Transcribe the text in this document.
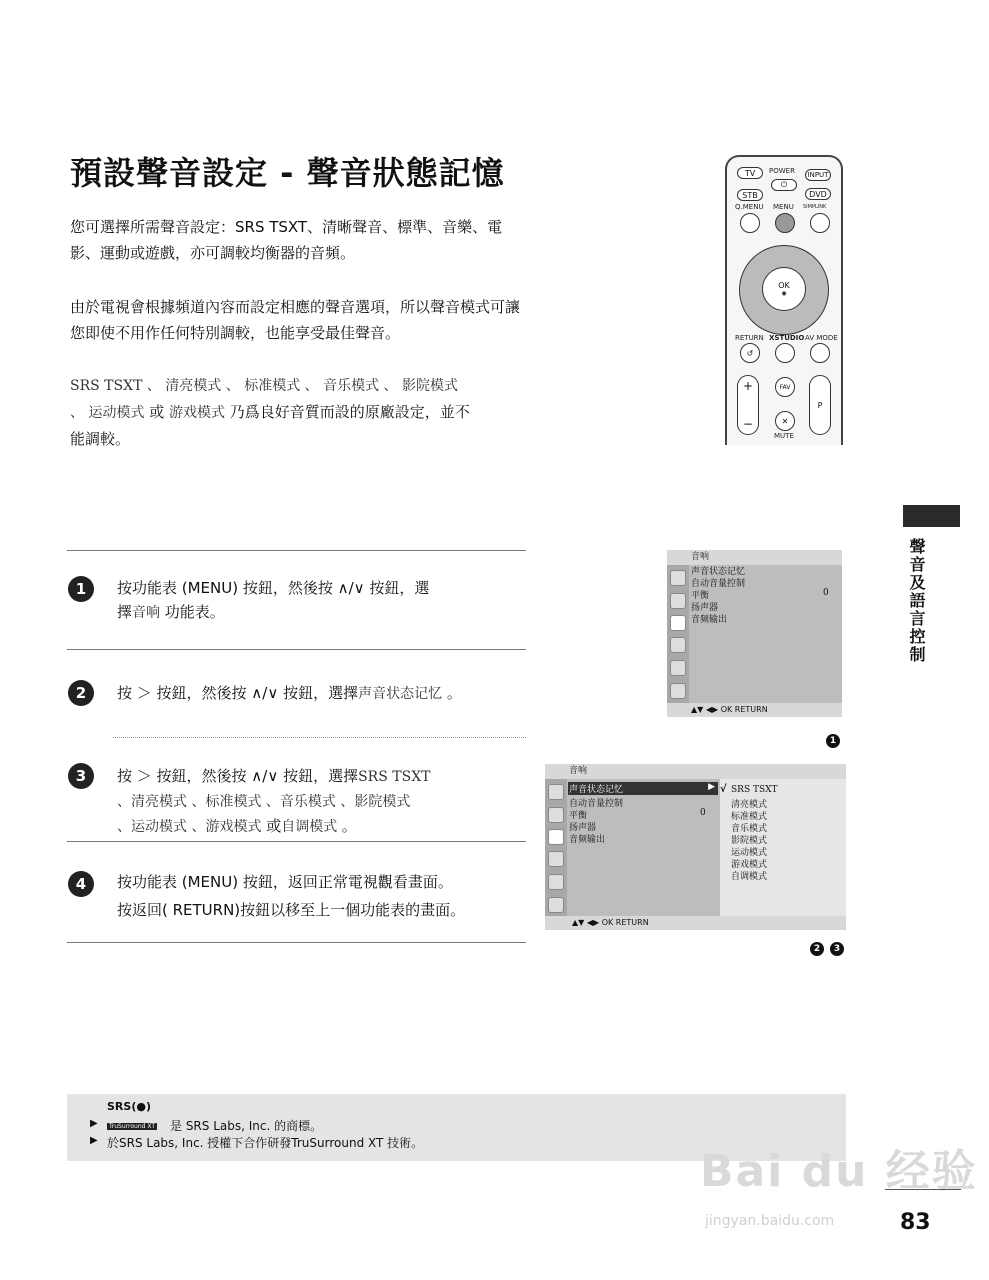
預設聲音設定 - 聲音狀態記憶
您可選擇所需聲音設定：SRS TSXT、清晰聲音、標準、音樂、電影、運動或遊戲，亦可調較均衡器的音頻。
由於電視會根據頻道內容而設定相應的聲音選項，所以聲音模式可讓您即使不用作任何特別調較，也能享受最佳聲音。
SRS TSXT 、 清亮模式 、 标准模式 、 音乐模式 、 影院模式
、 运动模式 或 游戏模式 乃爲良好音質而設的原廠設定，並不
能調較。
TV	POWER
⏻
INPUT
STB	DVD
Q.MENU MENU SIMPLINK
OK
◉
RETURN XSTUDIO AV MODE
↺
+
−
FAV
✕
MUTE
P
聲音及語言控制
1	按功能表 (MENU) 按鈕，然後按 ∧/∨ 按鈕，選
擇音响 功能表。
2	按 ＞ 按鈕，然後按 ∧/∨ 按鈕，選擇声音状态记忆 。
3	按 ＞ 按鈕，然後按 ∧/∨ 按鈕，選擇SRS TSXT
、清亮模式 、标准模式 、音乐模式 、影院模式
、运动模式 、游戏模式 或自调模式 。
4	按功能表 (MENU) 按鈕，返回正常電視觀看畫面。
按返回( RETURN)按鈕以移至上一個功能表的畫面。
音响
声音状态记忆
自动音量控制
平衡	0
扬声器
音频输出
▲▼ ◀▶ OK RETURN
1
音响
声音状态记忆	▶
自动音量控制
平衡	0
扬声器
音频输出
√ SRS TSXT
清亮模式
标准模式
音乐模式
影院模式
运动模式
游戏模式
自调模式
▲▼ ◀▶ OK RETURN
2	3
▶
SRS(●)
TruSurround XT	是 SRS Labs, Inc. 的商標。
▶ 於SRS Labs, Inc. 授權下合作研發TruSurround XT 技術。
Bai du 经验
jingyan.baidu.com	83
